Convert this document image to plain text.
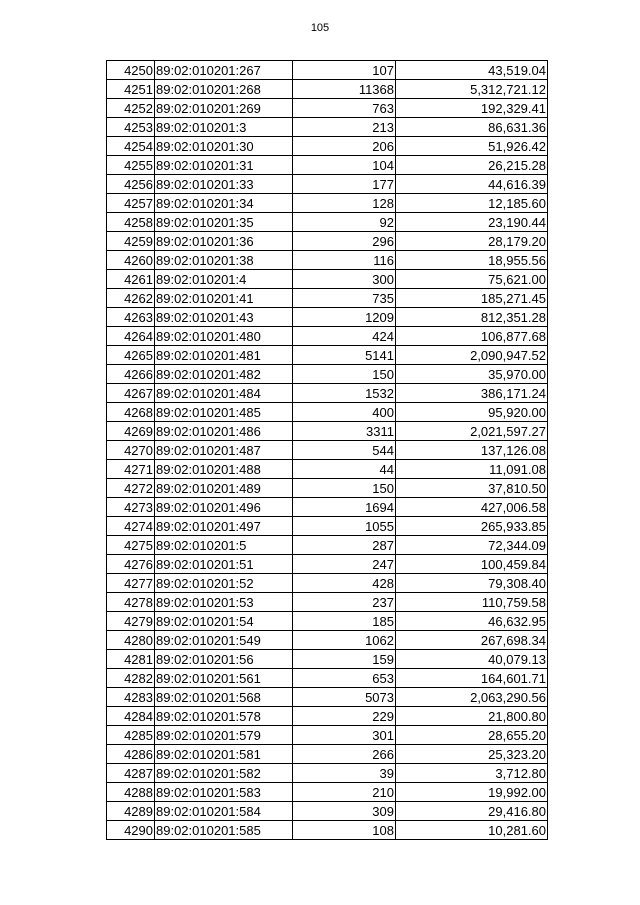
105
4250	89:02:010201:267	107	43,519.04
4251	89:02:010201:268	11368	5,312,721.12
4252	89:02:010201:269	763	192,329.41
4253	89:02:010201:3	213	86,631.36
4254	89:02:010201:30	206	51,926.42
4255	89:02:010201:31	104	26,215.28
4256	89:02:010201:33	177	44,616.39
4257	89:02:010201:34	128	12,185.60
4258	89:02:010201:35	92	23,190.44
4259	89:02:010201:36	296	28,179.20
4260	89:02:010201:38	116	18,955.56
4261	89:02:010201:4	300	75,621.00
4262	89:02:010201:41	735	185,271.45
4263	89:02:010201:43	1209	812,351.28
4264	89:02:010201:480	424	106,877.68
4265	89:02:010201:481	5141	2,090,947.52
4266	89:02:010201:482	150	35,970.00
4267	89:02:010201:484	1532	386,171.24
4268	89:02:010201:485	400	95,920.00
4269	89:02:010201:486	3311	2,021,597.27
4270	89:02:010201:487	544	137,126.08
4271	89:02:010201:488	44	11,091.08
4272	89:02:010201:489	150	37,810.50
4273	89:02:010201:496	1694	427,006.58
4274	89:02:010201:497	1055	265,933.85
4275	89:02:010201:5	287	72,344.09
4276	89:02:010201:51	247	100,459.84
4277	89:02:010201:52	428	79,308.40
4278	89:02:010201:53	237	110,759.58
4279	89:02:010201:54	185	46,632.95
4280	89:02:010201:549	1062	267,698.34
4281	89:02:010201:56	159	40,079.13
4282	89:02:010201:561	653	164,601.71
4283	89:02:010201:568	5073	2,063,290.56
4284	89:02:010201:578	229	21,800.80
4285	89:02:010201:579	301	28,655.20
4286	89:02:010201:581	266	25,323.20
4287	89:02:010201:582	39	3,712.80
4288	89:02:010201:583	210	19,992.00
4289	89:02:010201:584	309	29,416.80
4290	89:02:010201:585	108	10,281.60
